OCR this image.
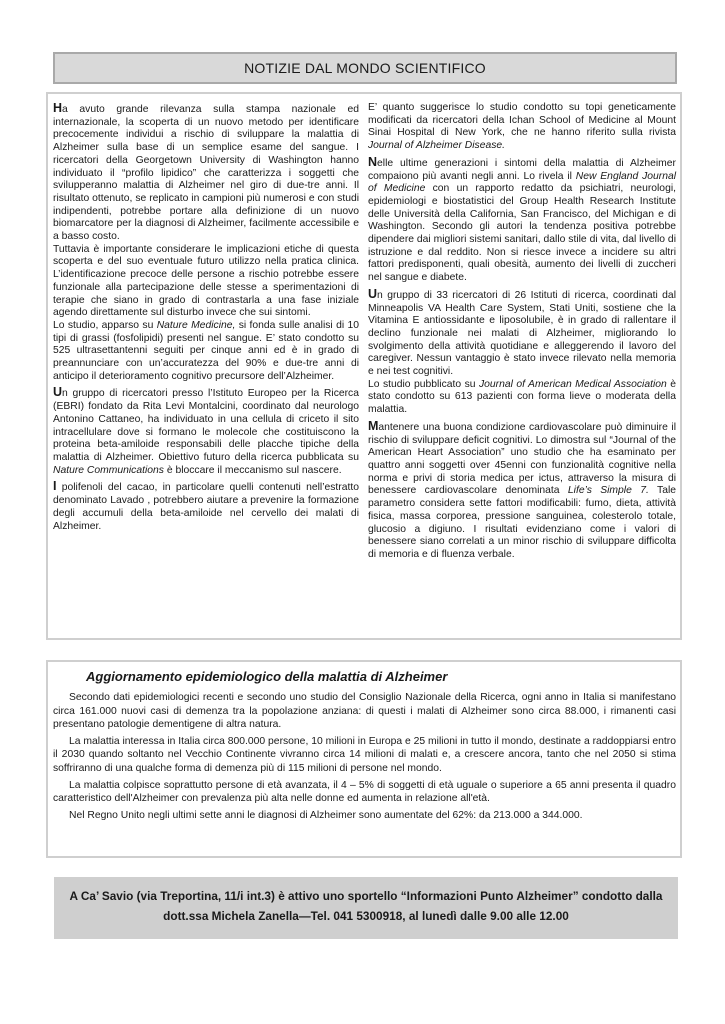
NOTIZIE DAL MONDO SCIENTIFICO

Ha avuto grande rilevanza sulla stampa nazionale ed internazionale, la scoperta di un nuovo metodo per identificare precocemente individui a rischio di sviluppare la malattia di Alzheimer sulla base di un semplice esame del sangue. I ricercatori della Georgetown University di Washington hanno individuato il “profilo lipidico” che caratterizza i soggetti che svilupperanno malattia di Alzheimer nel giro di due-tre anni. Il risultato ottenuto, se replicato in campioni più numerosi e con studi indipendenti, potrebbe portare alla definizione di un nuovo biomarcatore per la diagnosi di Alzheimer, facilmente accessibile e a basso costo.

Tuttavia è importante considerare le implicazioni etiche di questa scoperta e del suo eventuale futuro utilizzo nella pratica clinica. L’identificazione precoce delle persone a rischio potrebbe essere funzionale alla partecipazione delle stesse a sperimentazioni di terapie che siano in grado di contrastarla a una fase iniziale agendo direttamente sul disturbo invece che sui sintomi.

Lo studio, apparso su Nature Medicine, si fonda sulle analisi di 10 tipi di grassi (fosfolipidi) presenti nel sangue. E’ stato condotto su 525 ultrasettantenni seguiti per cinque anni ed è in grado di preannunciare con un’accuratezza del 90% e due-tre anni di anticipo il deterioramento cognitivo precursore dell’Alzheimer.

Un gruppo di ricercatori presso l’Istituto Europeo per la Ricerca (EBRI) fondato da Rita Levi Montalcini, coordinato dal neurologo Antonino Cattaneo, ha individuato in una cellula di criceto il sito intracellulare dove si formano le molecole che costituiscono la proteina beta-amiloide responsabili delle placche tipiche della malattia di Alzheimer. Obiettivo futuro della ricerca pubblicata su Nature Communications è bloccare il meccanismo sul nascere.

I polifenoli del cacao, in particolare quelli contenuti nell’estratto denominato Lavado , potrebbero aiutare a prevenire la formazione degli accumuli della beta-amiloide nel cervello dei malati di Alzheimer.

E’ quanto suggerisce lo studio condotto su topi geneticamente modificati da ricercatori della Ichan School of Medicine al Mount Sinai Hospital di New York, che ne hanno riferito sulla rivista Journal of Alzheimer Disease.

Nelle ultime generazioni i sintomi della malattia di Alzheimer compaiono più avanti negli anni. Lo rivela il New England Journal of Medicine con un rapporto redatto da psichiatri, neurologi, epidemiologi e biostatistici del Group Health Research Institute delle Università della California, San Francisco, del Michigan e di Washington. Secondo gli autori la tendenza positiva potrebbe dipendere dai migliori sistemi sanitari, dallo stile di vita, dal livello di istruzione e dal reddito. Non si riesce invece a incidere su altri fattori predisponenti, quali obesità, aumento dei livelli di zuccheri nel sangue e diabete.

Un gruppo di 33 ricercatori di 26 Istituti di ricerca, coordinati dal Minneapolis VA Health Care System, Stati Uniti, sostiene che la Vitamina E antiossidante e liposolubile, è in grado di rallentare il declino funzionale nei malati di Alzheimer, migliorando lo svolgimento della attività quotidiane e alleggerendo il lavoro del caregiver. Nessun vantaggio è stato invece rilevato nella memoria e nei test cognitivi.

Lo studio pubblicato su Journal of American Medical Association è stato condotto su 613 pazienti con forma lieve o moderata della malattia.

Mantenere una buona condizione cardiovascolare può diminuire il rischio di sviluppare deficit cognitivi. Lo dimostra sul “Journal of the American Heart Association” uno studio che ha esaminato per quattro anni soggetti over 45enni con funzionalità cognitive nella norma e privi di storia medica per ictus, attraverso la misura di benessere cardiovascolare denominata Life’s Simple 7. Tale parametro considera sette fattori modificabili: fumo, dieta, attività fisica, massa corporea, pressione sanguinea, colesterolo totale, glucosio a digiuno. I risultati evidenziano come i valori di benessere siano correlati a un minor rischio di sviluppare difficolta di memoria e di fluenza verbale.

Aggiornamento epidemiologico della malattia di Alzheimer

Secondo dati epidemiologici recenti e secondo uno studio del Consiglio Nazionale della Ricerca, ogni anno in Italia si manifestano circa 161.000 nuovi casi di demenza tra la popolazione anziana: di questi i malati di Alzheimer sono circa 88.000, i rimanenti casi presentano patologie dementigene di altra natura.

La malattia interessa in Italia circa 800.000 persone, 10 milioni in Europa e 25 milioni in tutto il mondo, destinate a raddoppiarsi entro il 2030 quando soltanto nel Vecchio Continente vivranno circa 14 milioni di malati e, a crescere ancora, tanto che nel 2050 si stima soffriranno di una qualche forma di demenza più di 115 milioni di persone nel mondo.

La malattia colpisce soprattutto persone di età avanzata, il 4 – 5% di soggetti di età uguale o superiore a 65 anni presenta il quadro caratteristico dell'Alzheimer con prevalenza più alta nelle donne ed aumenta in relazione all'età.

Nel Regno Unito negli ultimi sette anni le diagnosi di Alzheimer sono aumentate del 62%: da 213.000 a 344.000.

A Ca’ Savio (via Treportina, 11/i int.3) è attivo uno sportello “Informazioni Punto Alzheimer” condotto dalla
dott.ssa Michela Zanella—Tel. 041 5300918, al lunedì dalle 9.00 alle 12.00
